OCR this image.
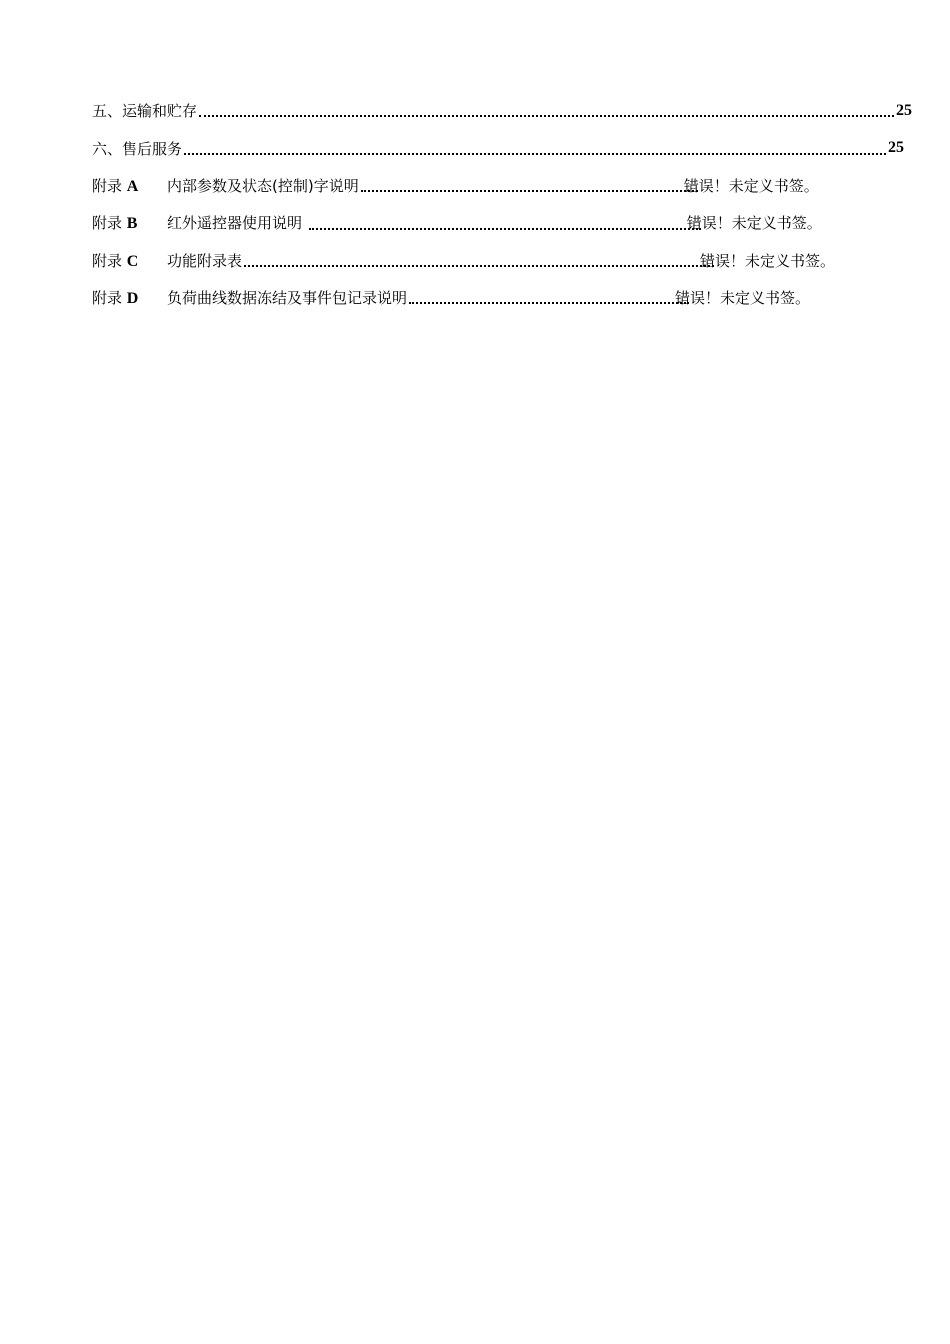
五、运输和贮存	25
六、售后服务	25
附录 A	内部参数及状态(控制)字说明	错误！未定义书签。
附录 B	红外遥控器使用说明	错误！未定义书签。
附录 C	功能附录表	错误！未定义书签。
附录 D	负荷曲线数据冻结及事件包记录说明	错误！未定义书签。
